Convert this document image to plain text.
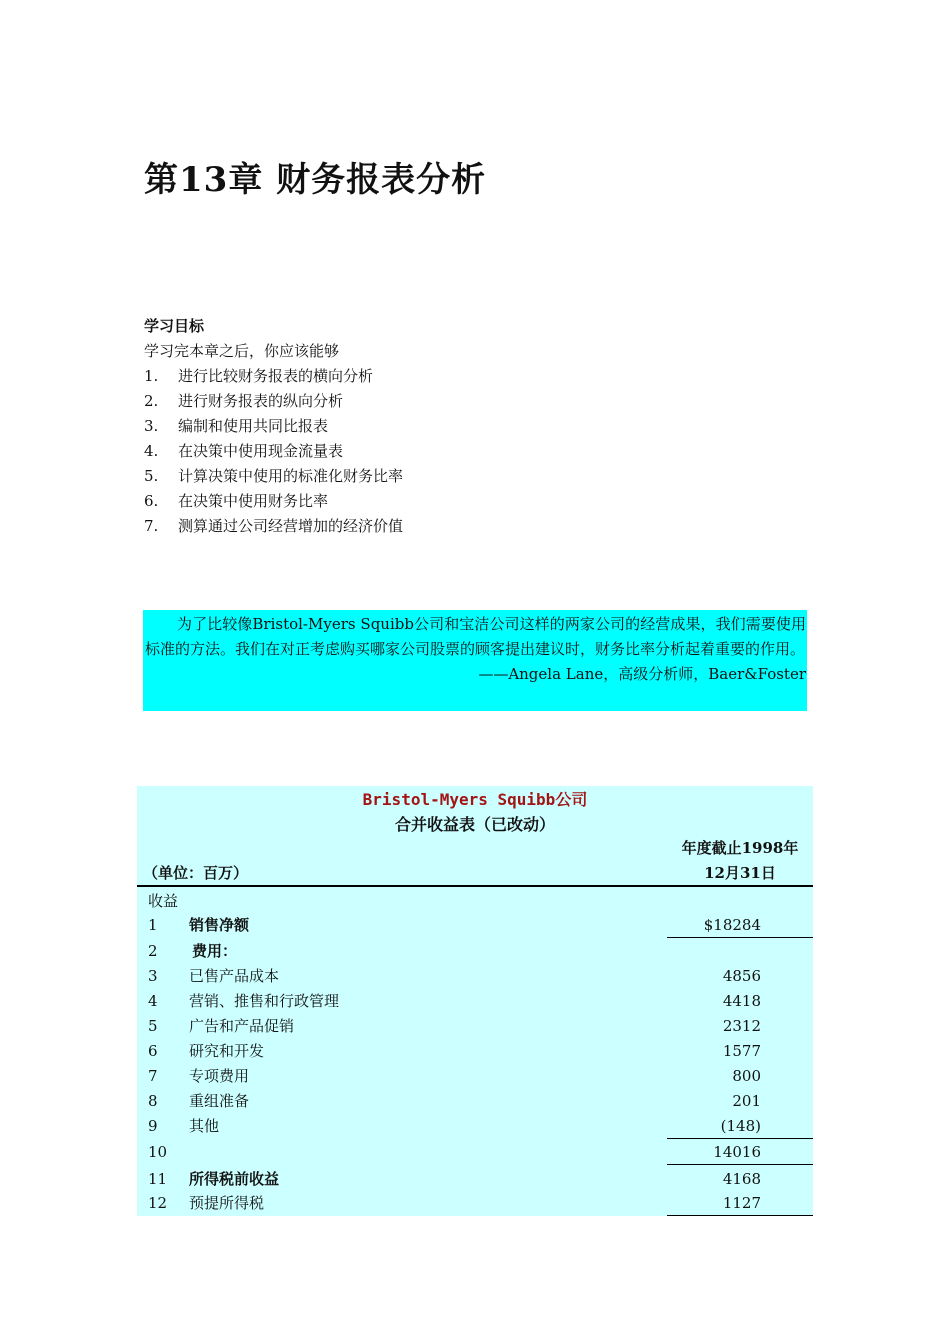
第13章 财务报表分析
学习目标
学习完本章之后，你应该能够
1.	进行比较财务报表的横向分析
2.	进行财务报表的纵向分析
3.	编制和使用共同比报表
4.	在决策中使用现金流量表
5.	计算决策中使用的标准化财务比率
6.	在决策中使用财务比率
7.	测算通过公司经营增加的经济价值
为了比较像Bristol-Myers Squibb公司和宝洁公司这样的两家公司的经营成果，我们需要使用标准的方法。我们在对正考虑购买哪家公司股票的顾客提出建议时，财务比率分析起着重要的作用。
——Angela Lane，高级分析师，Baer&Foster
Bristol-Myers Squibb公司
合并收益表（已改动）
（单位：百万）
年度截止1998年
12月31日
收益
1 销售净额	$18284
2 费用：
3 已售产品成本	4856
4 营销、推售和行政管理	4418
5 广告和产品促销	2312
6 研究和开发	1577
7 专项费用	800
8 重组准备	201
9 其他	(148)
10	14016
11 所得税前收益	4168
12 预提所得税	1127
